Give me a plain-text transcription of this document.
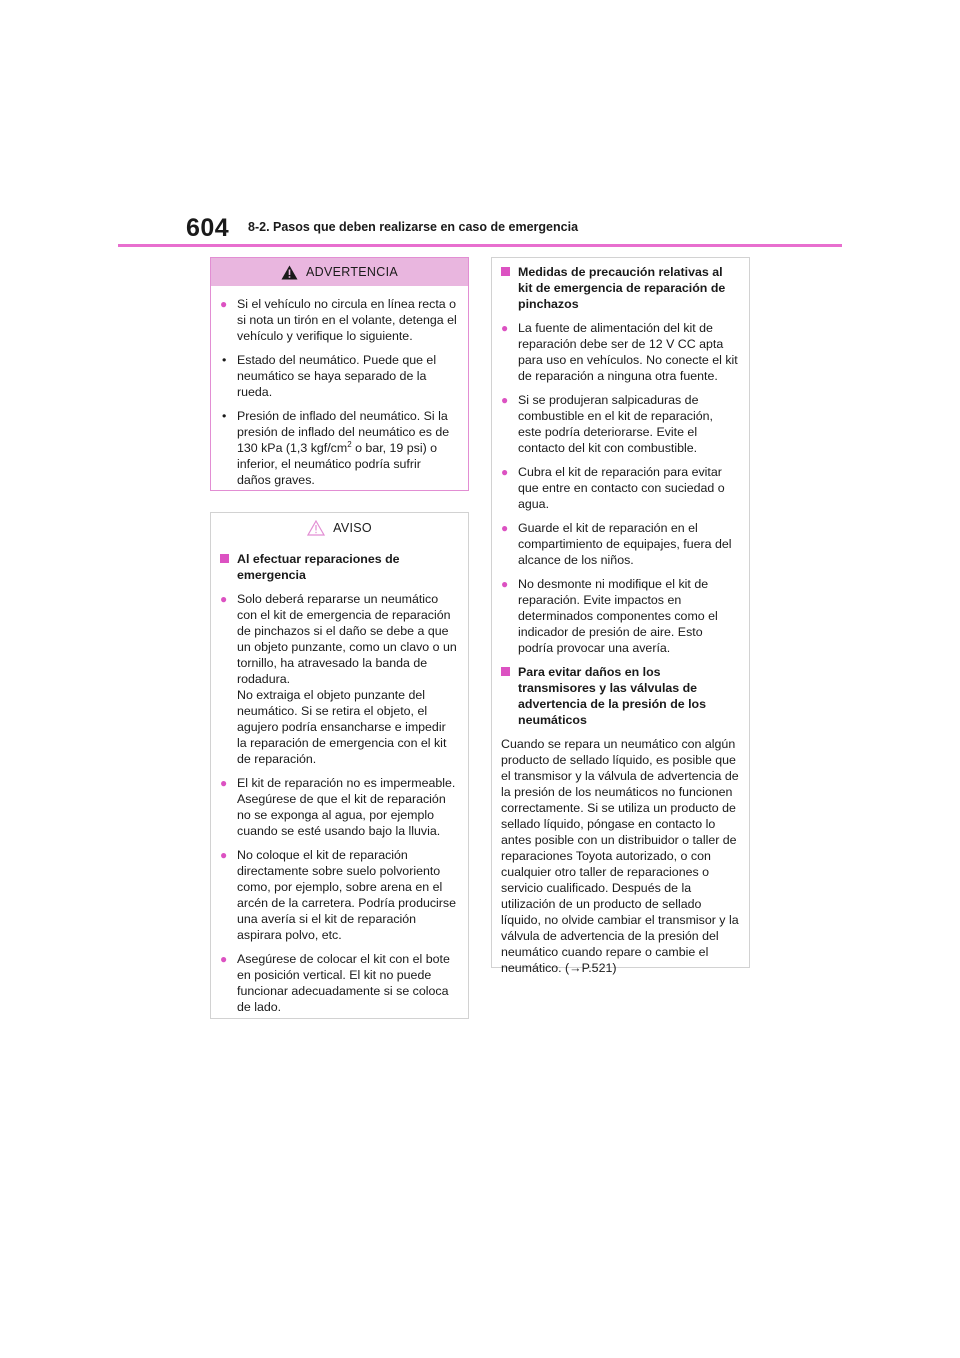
604 8-2. Pasos que deben realizarse en caso de emergencia
ADVERTENCIA
● Si el vehículo no circula en línea recta o si nota un tirón en el volante, detenga el vehículo y verifique lo siguiente.
• Estado del neumático. Puede que el neumático se haya separado de la rueda.
• Presión de inflado del neumático. Si la presión de inflado del neumático es de 130 kPa (1,3 kgf/$cm^2$ o bar, 19 psi) o inferior, el neumático podría sufrir daños graves.
AVISO
Al efectuar reparaciones de emergencia
● Solo deberá repararse un neumático con el kit de emergencia de reparación de pinchazos si el daño se debe a que un objeto punzante, como un clavo o un tornillo, ha atravesado la banda de rodadura.

No extraiga el objeto punzante del neumático. Si se retira el objeto, el agujero podría ensancharse e impedir la reparación de emergencia con el kit de reparación.

● El kit de reparación no es impermeable. Asegúrese de que el kit de reparación no se exponga al agua, por ejemplo cuando se esté usando bajo la lluvia.
● No coloque el kit de reparación directamente sobre suelo polvoriento como, por ejemplo, sobre arena en el arcén de la carretera. Podría producirse una avería si el kit de reparación aspirara polvo, etc.
● Asegúrese de colocar el kit con el bote en posición vertical. El kit no puede funcionar adecuadamente si se coloca de lado.
Medidas de precaución relativas al kit de emergencia de reparación de pinchazos
● La fuente de alimentación del kit de reparación debe ser de 12 V CC apta para uso en vehículos. No conecte el kit de reparación a ninguna otra fuente.
● Si se produjeran salpicaduras de combustible en el kit de reparación, este podría deteriorarse. Evite el contacto del kit con combustible.
● Cubra el kit de reparación para evitar que entre en contacto con suciedad o agua.
● Guarde el kit de reparación en el compartimiento de equipajes, fuera del alcance de los niños.
● No desmonte ni modifique el kit de reparación. Evite impactos en determinados componentes como el indicador de presión de aire. Esto podría provocar una avería.
Para evitar daños en los transmisores y las válvulas de advertencia de la presión de los neumáticos

Cuando se repara un neumático con algún producto de sellado líquido, es posible que el transmisor y la válvula de advertencia de la presión de los neumáticos no funcionen correctamente. Si se utiliza un producto de sellado líquido, póngase en contacto lo antes posible con un distribuidor o taller de reparaciones Toyota autorizado, o con cualquier otro taller de reparaciones o servicio cualificado. Después de la utilización de un producto de sellado líquido, no olvide cambiar el transmisor y la válvula de advertencia de la presión del neumático cuando repare o cambie el neumático. (→P.521)
